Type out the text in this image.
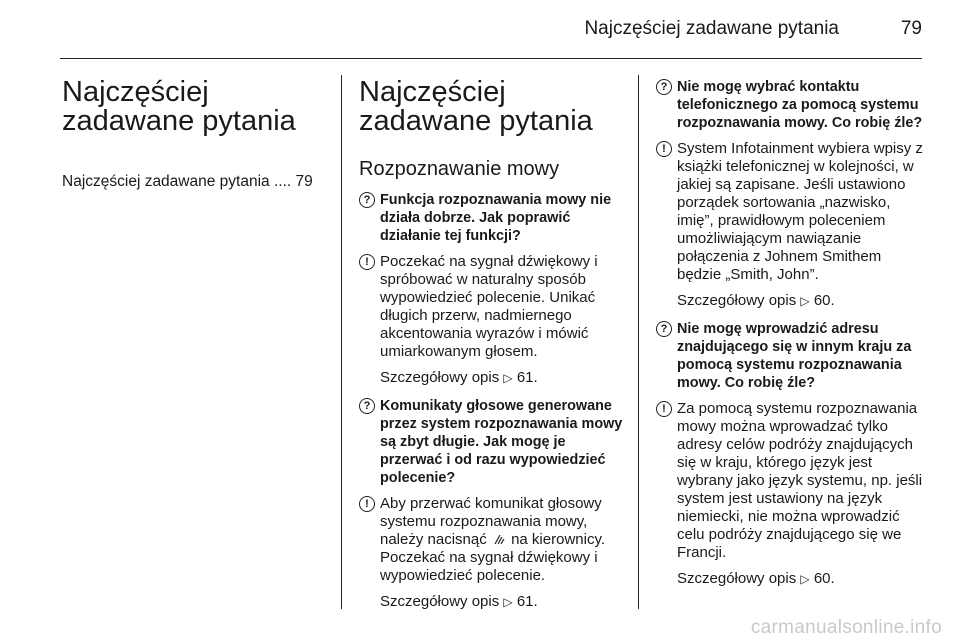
Najczęściej zadawane pytania	79
Najczęściej zadawane pytania
Najczęściej zadawane pytania .... 79
Najczęściej zadawane pytania
Rozpoznawanie mowy
? Funkcja rozpoznawania mowy nie działa dobrze. Jak poprawić działanie tej funkcji?
! Poczekać na sygnał dźwiękowy i spróbować w naturalny sposób wypowiedzieć polecenie. Unikać długich przerw, nadmiernego akcentowania wyrazów i mówić umiarkowanym głosem.
Szczegółowy opis ▷ 61.
? Komunikaty głosowe generowane przez system rozpoznawania mowy są zbyt długie. Jak mogę je przerwać i od razu wypowiedzieć polecenie?
! Aby przerwać komunikat głosowy systemu rozpoznawania mowy, należy nacisnąć na kierownicy. Poczekać na sygnał dźwiękowy i wypowiedzieć polecenie.
Szczegółowy opis ▷ 61.
? Nie mogę wybrać kontaktu telefonicznego za pomocą systemu rozpoznawania mowy. Co robię źle?
! System Infotainment wybiera wpisy z książki telefonicznej w kolejności, w jakiej są zapisane. Jeśli ustawiono porządek sortowania „nazwisko, imię”, prawidłowym poleceniem umożliwiającym nawiązanie połączenia z Johnem Smithem będzie „Smith, John”.
Szczegółowy opis ▷ 60.
? Nie mogę wprowadzić adresu znajdującego się w innym kraju za pomocą systemu rozpoznawania mowy. Co robię źle?
! Za pomocą systemu rozpoznawania mowy można wprowadzać tylko adresy celów podróży znajdujących się w kraju, którego język jest wybrany jako język systemu, np. jeśli system jest ustawiony na język niemiecki, nie można wprowadzić celu podróży znajdującego się we Francji.
Szczegółowy opis ▷ 60.
carmanualsonline.info
